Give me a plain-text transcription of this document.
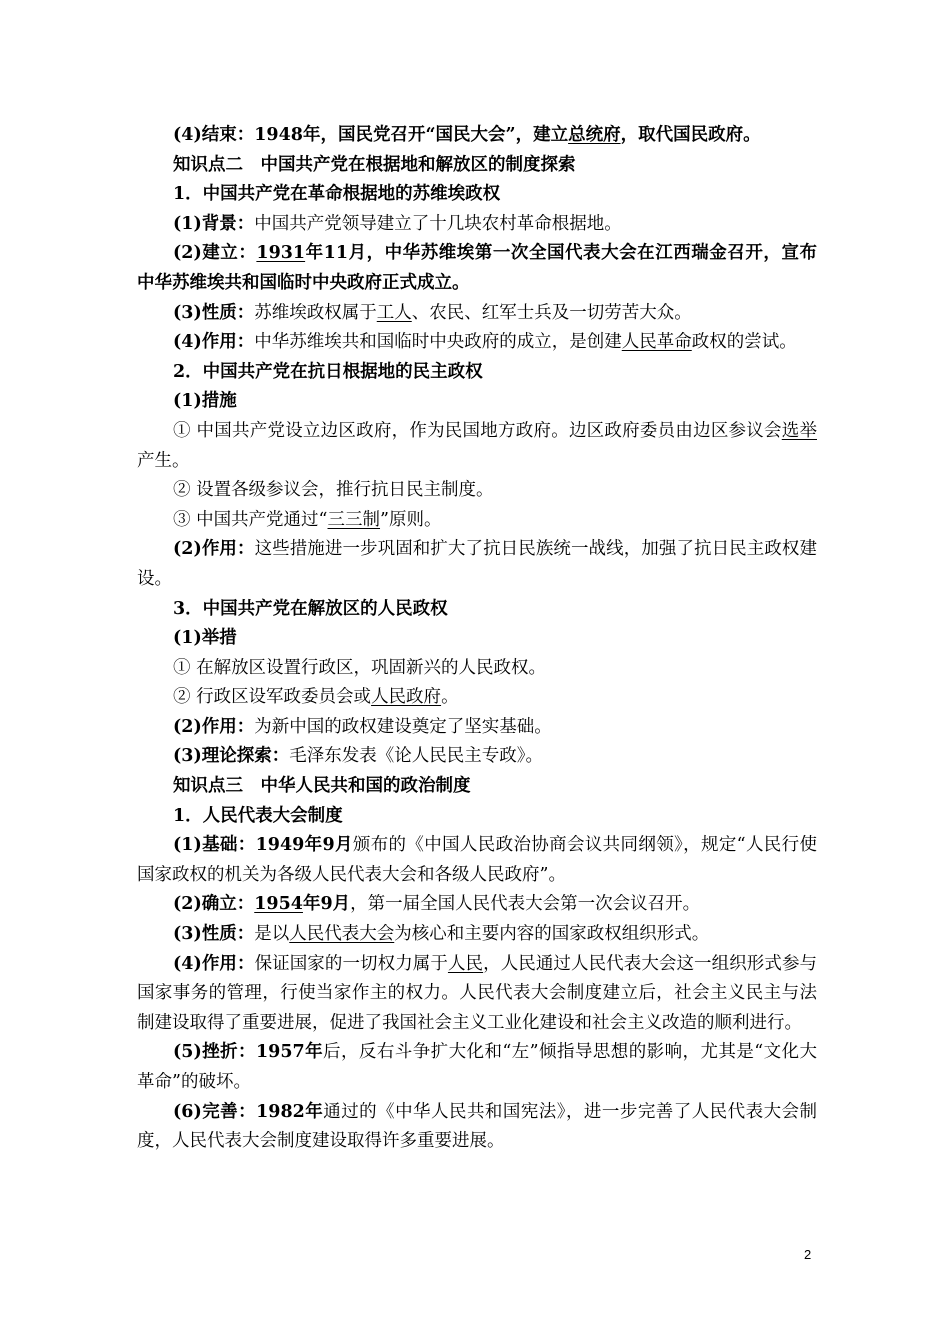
(4)结束：1948年，国民党召开“国民大会”，建立总统府，取代国民政府。

知识点二　中国共产党在根据地和解放区的制度探索

1．中国共产党在革命根据地的苏维埃政权

(1)背景：中国共产党领导建立了十几块农村革命根据地。

(2)建立：1931年11月，中华苏维埃第一次全国代表大会在江西瑞金召开，宣布中华苏维埃共和国临时中央政府正式成立。

(3)性质：苏维埃政权属于工人、农民、红军士兵及一切劳苦大众。

(4)作用：中华苏维埃共和国临时中央政府的成立，是创建人民革命政权的尝试。

2．中国共产党在抗日根据地的民主政权

(1)措施

① 中国共产党设立边区政府，作为民国地方政府。边区政府委员由边区参议会选举产生。

② 设置各级参议会，推行抗日民主制度。

③ 中国共产党通过“三三制”原则。

(2)作用：这些措施进一步巩固和扩大了抗日民族统一战线，加强了抗日民主政权建设。

3．中国共产党在解放区的人民政权

(1)举措

① 在解放区设置行政区，巩固新兴的人民政权。

② 行政区设军政委员会或人民政府。

(2)作用：为新中国的政权建设奠定了坚实基础。

(3)理论探索：毛泽东发表《论人民民主专政》。

知识点三　中华人民共和国的政治制度

1．人民代表大会制度

(1)基础：1949年9月颁布的《中国人民政治协商会议共同纲领》，规定“人民行使国家政权的机关为各级人民代表大会和各级人民政府”。

(2)确立：1954年9月，第一届全国人民代表大会第一次会议召开。

(3)性质：是以人民代表大会为核心和主要内容的国家政权组织形式。

(4)作用：保证国家的一切权力属于人民，人民通过人民代表大会这一组织形式参与国家事务的管理，行使当家作主的权力。人民代表大会制度建立后，社会主义民主与法制建设取得了重要进展，促进了我国社会主义工业化建设和社会主义改造的顺利进行。

(5)挫折：1957年后，反右斗争扩大化和“左”倾指导思想的影响，尤其是“文化大革命”的破坏。

(6)完善：1982年通过的《中华人民共和国宪法》，进一步完善了人民代表大会制度，人民代表大会制度建设取得许多重要进展。

2
